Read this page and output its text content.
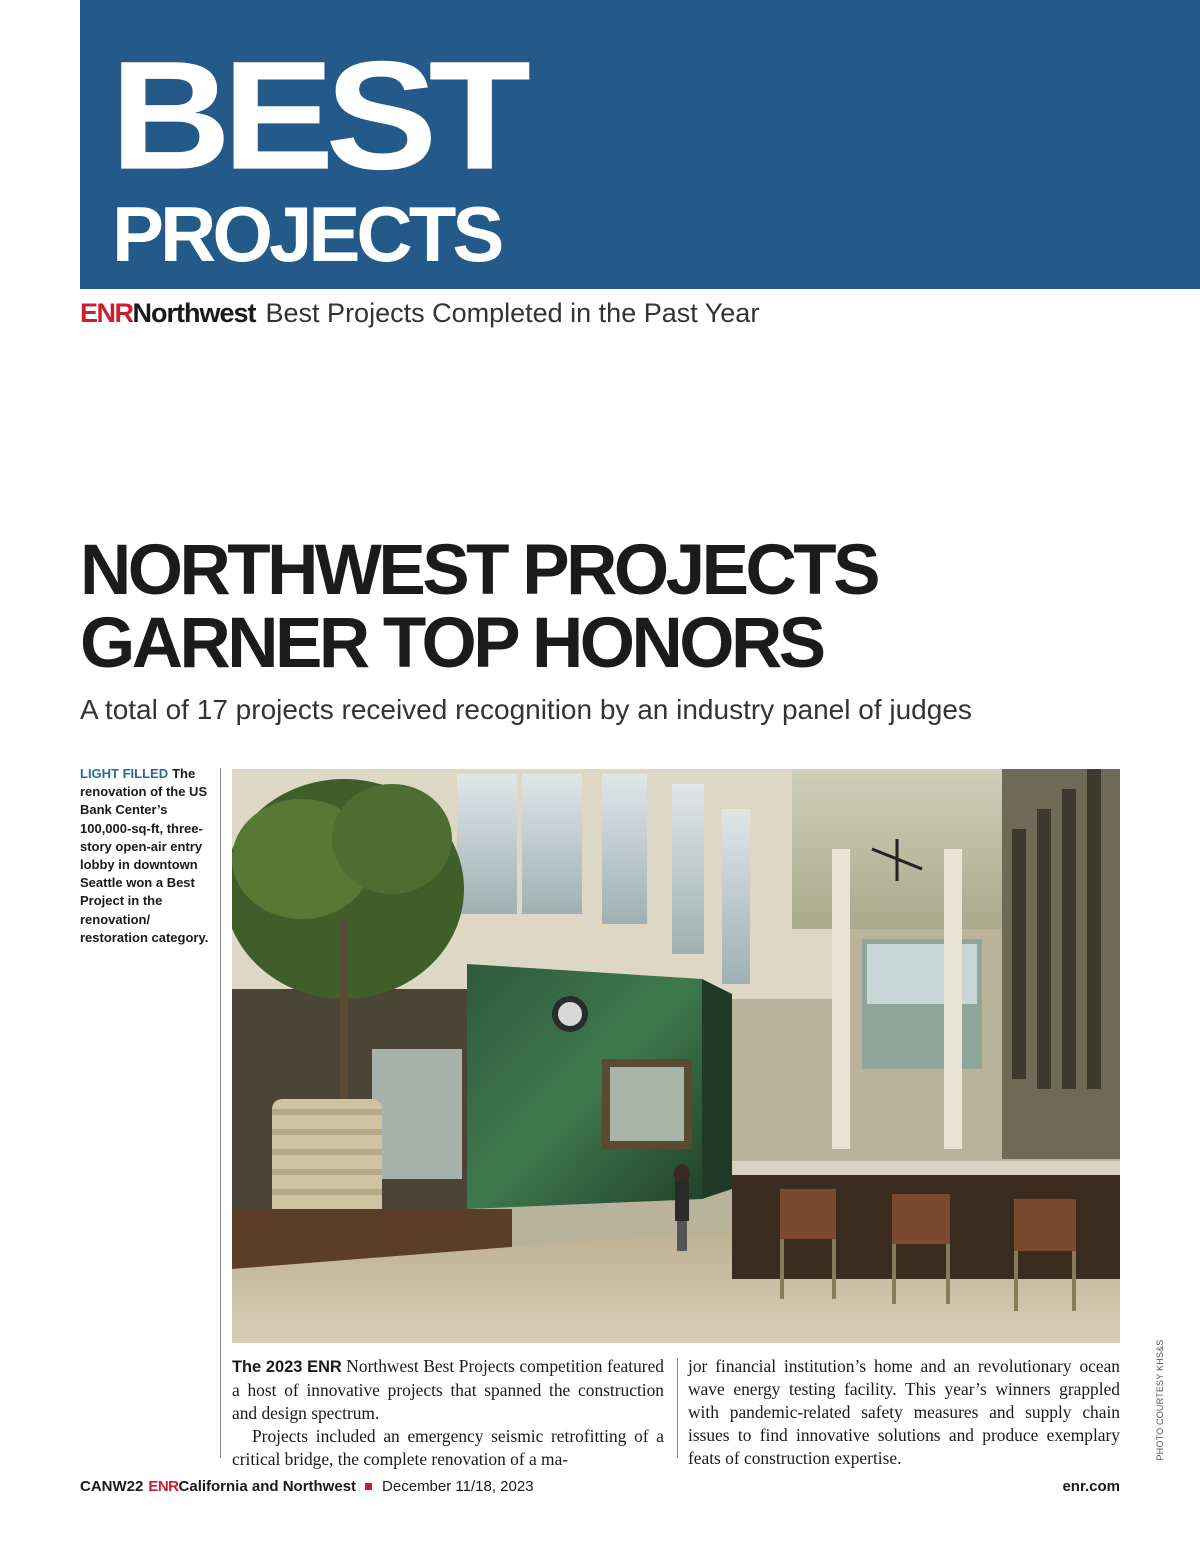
BEST
PROJECTS
ENR Northwest Best Projects Completed in the Past Year
NORTHWEST PROJECTS
GARNER TOP HONORS
A total of 17 projects received recognition by an industry panel of judges
LIGHT FILLED The renovation of the US Bank Center’s 100,000-sq-ft, three-story open-air entry lobby in downtown Seattle won a Best Project in the renovation/ restoration category.
PHOTO COURTESY KHS&S

The 2023 ENR Northwest Best Projects competition featured a host of innovative projects that spanned the construction and design spectrum.

Projects included an emergency seismic retrofitting of a critical bridge, the complete renovation of a ma-

jor financial institution’s home and an revolutionary ocean wave energy testing facility. This year’s winners grappled with pandemic-related safety measures and supply chain issues to find innovative solutions and produce exemplary feats of construction expertise.

CANW22 ENR California and Northwest December 11/18, 2023	enr.com
